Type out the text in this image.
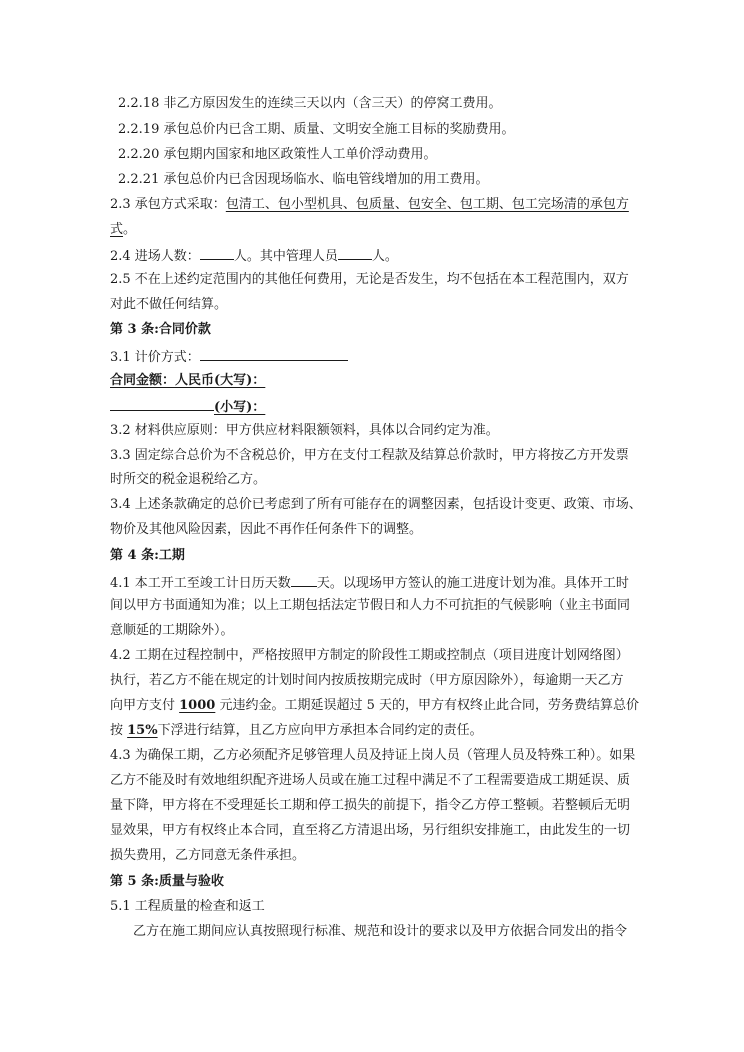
2.2.18 非乙方原因发生的连续三天以内（含三天）的停窝工费用。
2.2.19 承包总价内已含工期、质量、文明安全施工目标的奖励费用。
2.2.20 承包期内国家和地区政策性人工单价浮动费用。
2.2.21 承包总价内已含因现场临水、临电管线增加的用工费用。
2.3 承包方式采取：包清工、包小型机具、包质量、包安全、包工期、包工完场清的承包方
式。
2.4 进场人数：	人。其中管理人员	人。
2.5 不在上述约定范围内的其他任何费用，无论是否发生，均不包括在本工程范围内，双方
对此不做任何结算。
第 3 条:合同价款
3.1 计价方式：
合同金额：人民币(大写)：
(小写)：
3.2 材料供应原则：甲方供应材料限额领料，具体以合同约定为准。
3.3 固定综合总价为不含税总价，甲方在支付工程款及结算总价款时，甲方将按乙方开发票
时所交的税金退税给乙方。
3.4 上述条款确定的总价已考虑到了所有可能存在的调整因素，包括设计变更、政策、市场、
物价及其他风险因素，因此不再作任何条件下的调整。
第 4 条:工期
4.1 本工开工至竣工计日历天数 天。以现场甲方签认的施工进度计划为准。具体开工时
间以甲方书面通知为准；以上工期包括法定节假日和人力不可抗拒的气候影响（业主书面同
意顺延的工期除外）。
4.2 工期在过程控制中，严格按照甲方制定的阶段性工期或控制点（项目进度计划网络图）
执行，若乙方不能在规定的计划时间内按质按期完成时（甲方原因除外），每逾期一天乙方
向甲方支付 1000 元违约金。工期延误超过 5 天的，甲方有权终止此合同，劳务费结算总价
按 15%下浮进行结算，且乙方应向甲方承担本合同约定的责任。
4.3 为确保工期，乙方必须配齐足够管理人员及持证上岗人员（管理人员及特殊工种）。如果
乙方不能及时有效地组织配齐进场人员或在施工过程中满足不了工程需要造成工期延误、质
量下降，甲方将在不受理延长工期和停工损失的前提下，指令乙方停工整顿。若整顿后无明
显效果，甲方有权终止本合同，直至将乙方清退出场，另行组织安排施工，由此发生的一切
损失费用，乙方同意无条件承担。
第 5 条:质量与验收
5.1 工程质量的检查和返工
乙方在施工期间应认真按照现行标准、规范和设计的要求以及甲方依据合同发出的指令
